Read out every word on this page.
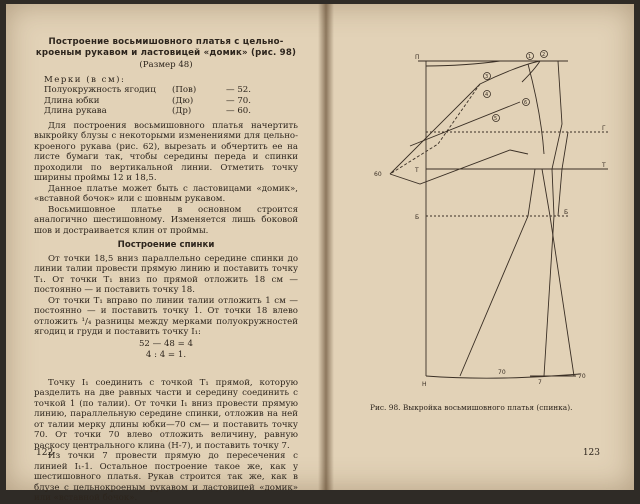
Построение восьмишовного платья с цельно-
кроеным рукавом и ластовицей «домик» (рис. 98)
(Размер 48)
Мерки (в см):
Полуокружность ягодиц	(Пов)	— 52.
Длина юбки	(Дю)	— 70.
Длина рукава	(Др)	— 60.

Для построения восьмишовного платья начертить выкройку блузы с некоторыми изменениями для цельно-кроеного рукава (рис. 62), вырезать и обчертить ее на листе бумаги так, чтобы середины переда и спинки проходили по вертикальной линии. Отметить точку ширины проймы 12 и 18,5.

Данное платье может быть с ластовицами «домик», «вставной бочок» или с шовным рукавом.

Восьмишовное платье в основном строится аналогично шестишовному. Изменяется лишь боковой шов и достраивается клин от проймы.

Построение спинки

От точки 18,5 вниз параллельно середине спинки до линии талии провести прямую линию и поставить точку Т₁. От точки Т₁ вниз по прямой отложить 18 см — постоянно — и поставить точку 18.

От точки Т₁ вправо по линии талии отложить 1 см — постоянно — и поставить точку 1. От точки 18 влево отложить ¹/₄ разницы между мерками полуокружностей ягодиц и груди и поставить точку I₁:

52 — 48 = 4
4 : 4 = 1.

Точку I₁ соединить с точкой Т₁ прямой, которую разделить на две равных части и середину соединить с точкой 1 (по талии). От точки I₁ вниз провести прямую линию, параллельную середине спинки, отложив на ней от талии мерку длины юбки—70 см— и поставить точку 70. От точки 70 влево отложить величину, равную раскосу центрального клина (Н-7), и поставить точку 7.

Из точки 7 провести прямую до пересечения с линией I₁-1. Остальное построение такое же, как у шестишовного платья. Рукав строится так же, как в блузе с цельнокроеным рукавом и ластовицей «домик» или «вставной бочок».

122
П
Т
Б
Г
Т
Б
60
70
70
7
Н
1 2
3
4
5
6
Рис. 98. Выкройка восьмишовного платья (спинка).
123
